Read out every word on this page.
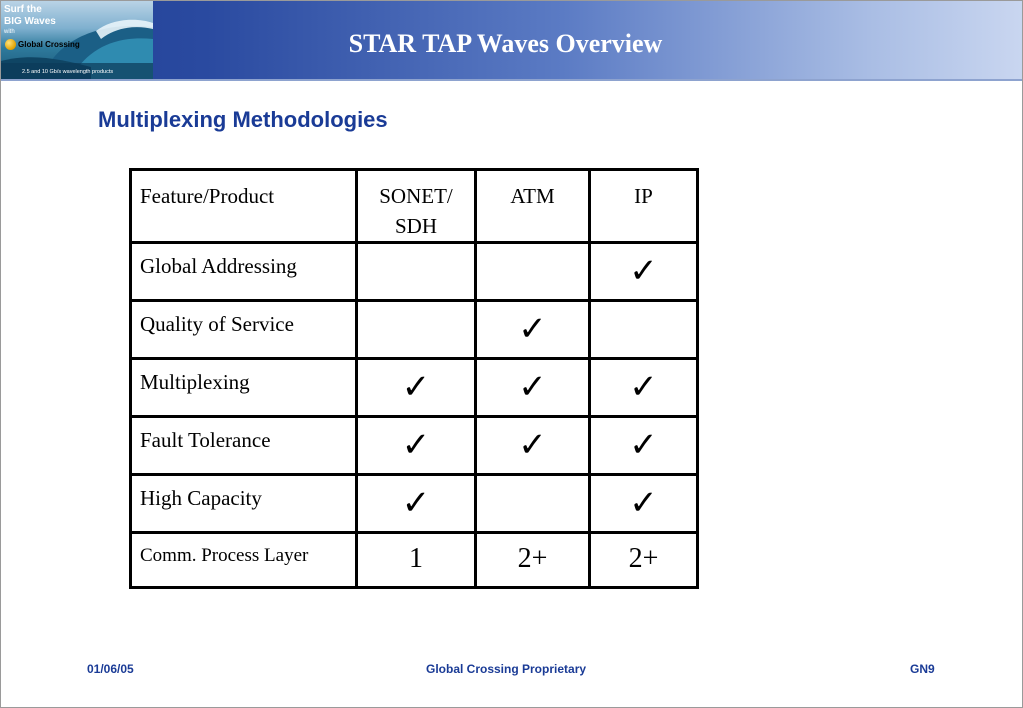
Surf the
BIG Waves
with
Global Crossing
2.5 and 10 Gb/s wavelength products
STAR TAP Waves Overview
Multiplexing Methodologies
Feature/Product	SONET/ SDH	ATM	IP
Global Addressing			✓
Quality of Service		✓	
Multiplexing	✓	✓	✓
Fault Tolerance	✓	✓	✓
High Capacity	✓		✓
Comm. Process Layer	1	2+	2+
01/06/05	Global Crossing Proprietary	GN9
